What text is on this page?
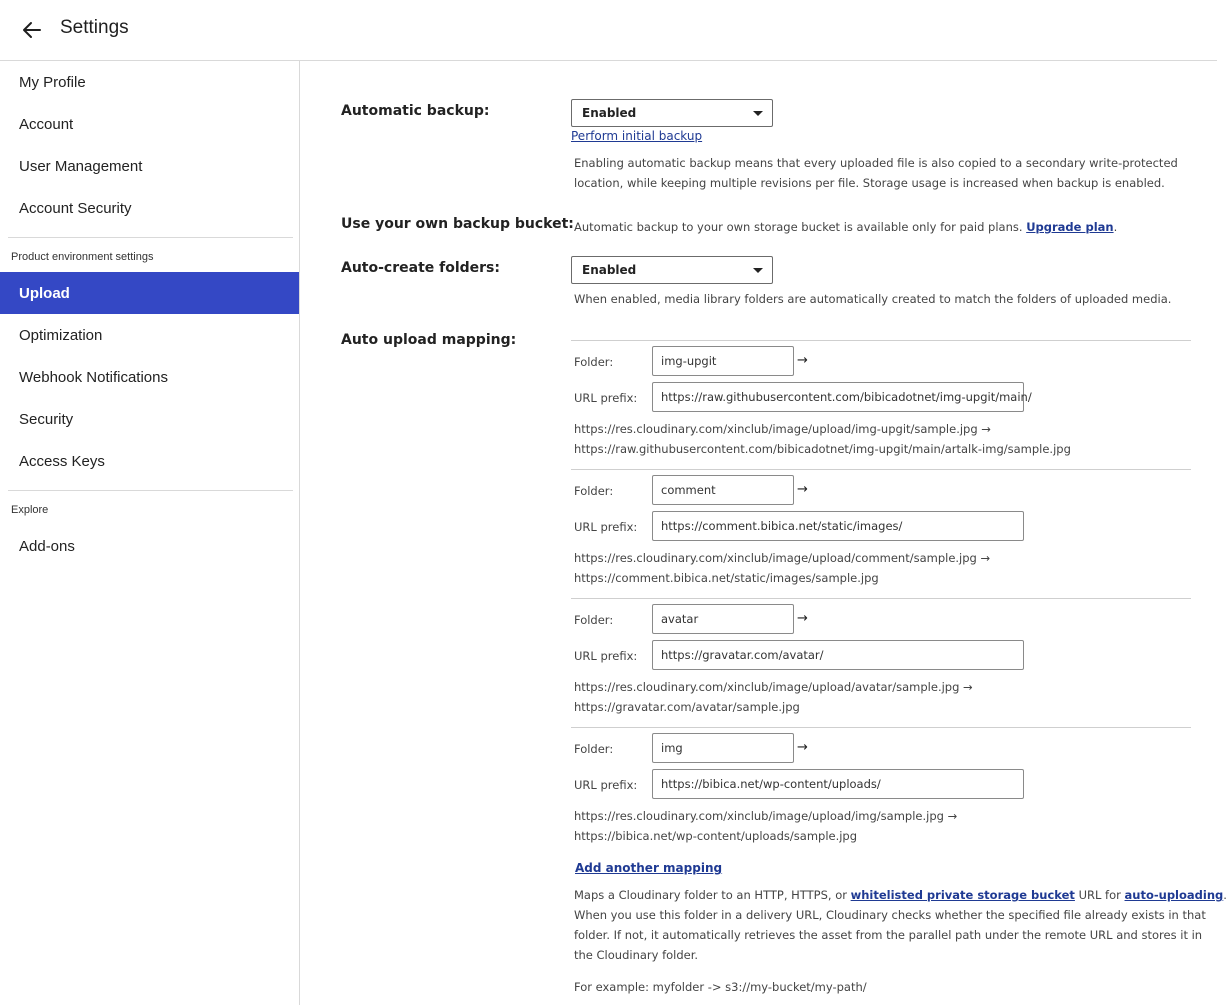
Settings
My Profile
Account
User Management
Account Security
Product environment settings
Upload
Optimization
Webhook Notifications
Security
Access Keys
Explore
Add-ons
Automatic backup:	Enabled
Perform initial backup
Enabling automatic backup means that every uploaded file is also copied to a secondary write-protected
location, while keeping multiple revisions per file. Storage usage is increased when backup is enabled.
Use your own backup bucket: Automatic backup to your own storage bucket is available only for paid plans. Upgrade plan.
Auto-create folders:	Enabled
When enabled, media library folders are automatically created to match the folders of uploaded media.
Auto upload mapping:
Folder:	img-upgit	→
URL prefix:	https://raw.githubusercontent.com/bibicadotnet/img-upgit/main/
https://res.cloudinary.com/xinclub/image/upload/img-upgit/sample.jpg →
https://raw.githubusercontent.com/bibicadotnet/img-upgit/main/artalk-img/sample.jpg
Folder:	comment	→
URL prefix:	https://comment.bibica.net/static/images/
https://res.cloudinary.com/xinclub/image/upload/comment/sample.jpg →
https://comment.bibica.net/static/images/sample.jpg
Folder:	avatar	→
URL prefix:	https://gravatar.com/avatar/
https://res.cloudinary.com/xinclub/image/upload/avatar/sample.jpg →
https://gravatar.com/avatar/sample.jpg
Folder:	img	→
URL prefix:	https://bibica.net/wp-content/uploads/
https://res.cloudinary.com/xinclub/image/upload/img/sample.jpg →
https://bibica.net/wp-content/uploads/sample.jpg
Add another mapping
Maps a Cloudinary folder to an HTTP, HTTPS, or whitelisted private storage bucket URL for auto-uploading.
When you use this folder in a delivery URL, Cloudinary checks whether the specified file already exists in that
folder. If not, it automatically retrieves the asset from the parallel path under the remote URL and stores it in
the Cloudinary folder.
For example: myfolder -> s3://my-bucket/my-path/
